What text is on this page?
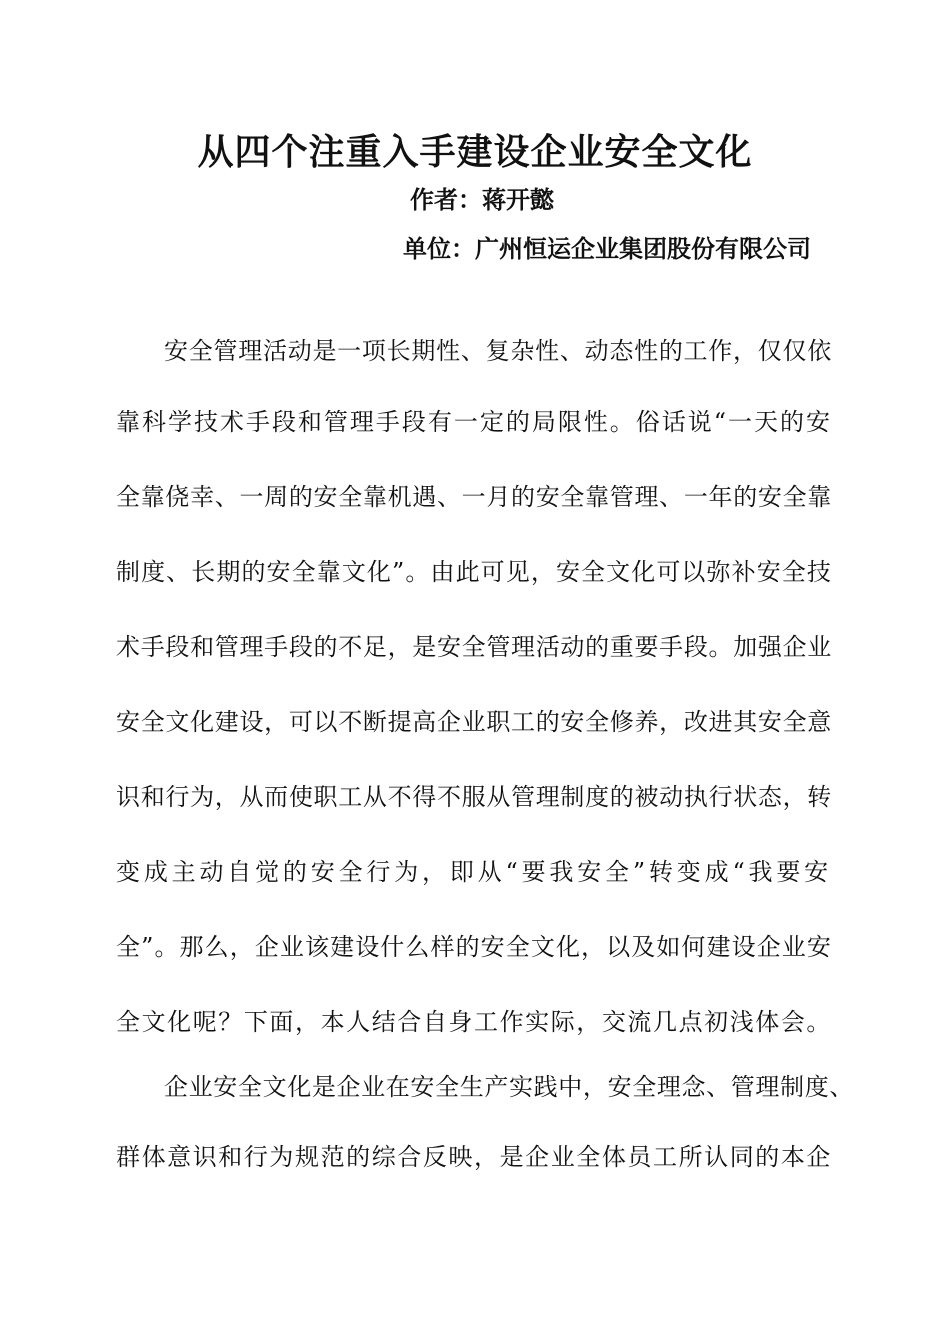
从四个注重入手建设企业安全文化
作者：蒋开懿
单位：广州恒运企业集团股份有限公司
安全管理活动是一项长期性、复杂性、动态性的工作，仅仅依
靠科学技术手段和管理手段有一定的局限性。俗话说“一天的安
全靠侥幸、一周的安全靠机遇、一月的安全靠管理、一年的安全靠
制度、长期的安全靠文化”。由此可见，安全文化可以弥补安全技
术手段和管理手段的不足，是安全管理活动的重要手段。加强企业
安全文化建设，可以不断提高企业职工的安全修养，改进其安全意
识和行为，从而使职工从不得不服从管理制度的被动执行状态，转
变成主动自觉的安全行为，即从“要我安全”转变成“我要安
全”。那么，企业该建设什么样的安全文化，以及如何建设企业安
全文化呢？下面，本人结合自身工作实际，交流几点初浅体会。
企业安全文化是企业在安全生产实践中，安全理念、管理制度、
群体意识和行为规范的综合反映，是企业全体员工所认同的本企
